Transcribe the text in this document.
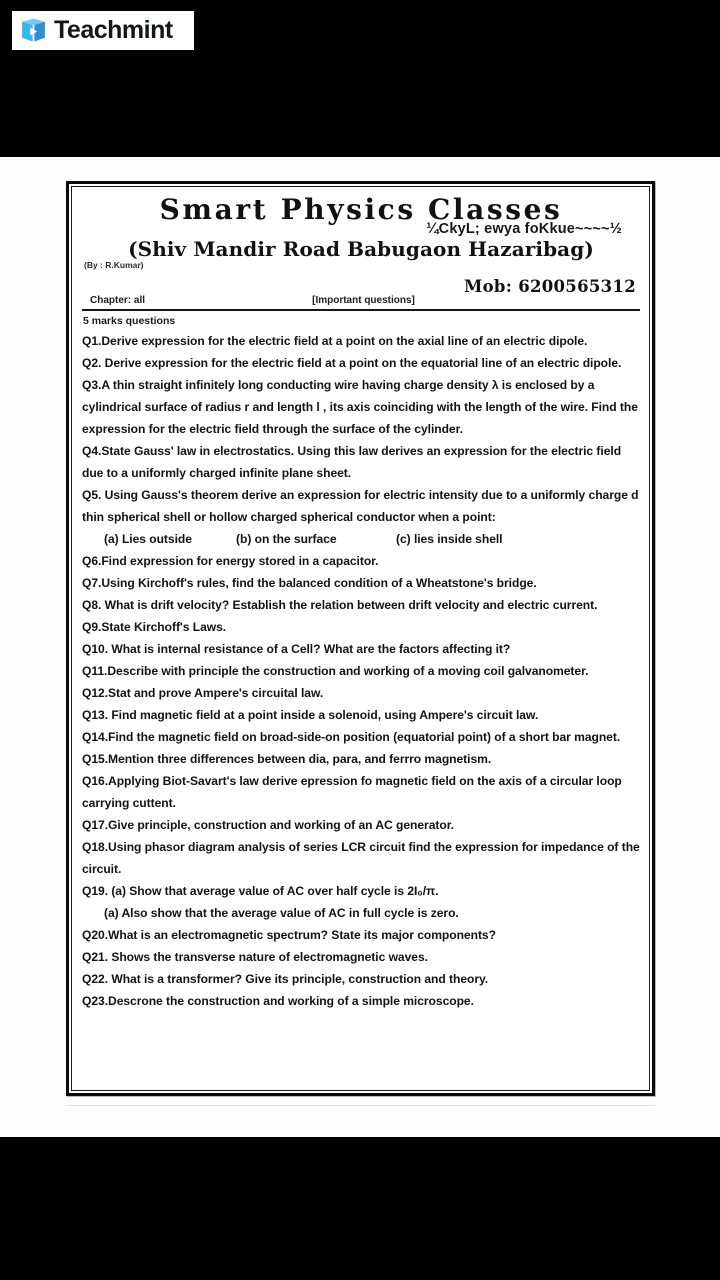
Teachmint
Smart Physics Classes
¼CkyL; ewya foKkue~~~~½
(Shiv Mandir Road Babugaon Hazaribag)
(By : R.Kumar)
Mob: 6200565312
Chapter: all	[Important questions]
5 marks questions
Q1.Derive expression for the electric field at a point on the axial line of an electric dipole.
Q2. Derive expression for the electric field at a point on the equatorial line of an electric dipole.
Q3.A thin straight infinitely long conducting wire having charge density λ is enclosed by a cylindrical surface of radius r and length l , its axis coinciding with the length of the wire. Find the expression for the electric field through the surface of the cylinder.
Q4.State Gauss' law in electrostatics. Using this law derives an expression for the electric field due to a uniformly charged infinite plane sheet.
Q5. Using Gauss's theorem derive an expression for electric intensity due to a uniformly charge d thin spherical shell or hollow charged spherical conductor when a point:
(a) Lies outside	(b) on the surface	(c) lies inside shell
Q6.Find expression for energy stored in a capacitor.
Q7.Using Kirchoff's rules, find the balanced condition of a Wheatstone's bridge.
Q8. What is drift velocity? Establish the relation between drift velocity and electric current.
Q9.State Kirchoff's Laws.
Q10. What is internal resistance of a Cell? What are the factors affecting it?
Q11.Describe with principle the construction and working of a moving coil galvanometer.
Q12.Stat and prove Ampere's circuital law.
Q13. Find magnetic field at a point inside a solenoid, using Ampere's circuit law.
Q14.Find the magnetic field on broad-side-on position (equatorial point) of a short bar magnet.
Q15.Mention three differences between dia, para, and ferrro magnetism.
Q16.Applying Biot-Savart's law derive epression fo magnetic field on the axis of a circular loop carrying cuttent.
Q17.Give principle, construction and working of an AC generator.
Q18.Using phasor diagram analysis of series LCR circuit find the expression for impedance of the circuit.
Q19. (a) Show that average value of AC over half cycle is 2I₀/π.
(a) Also show that the average value of AC in full cycle is zero.
Q20.What is an electromagnetic spectrum? State its major components?
Q21. Shows the transverse nature of electromagnetic waves.
Q22. What is a transformer? Give its principle, construction and theory.
Q23.Descrone the construction and working of a simple microscope.
